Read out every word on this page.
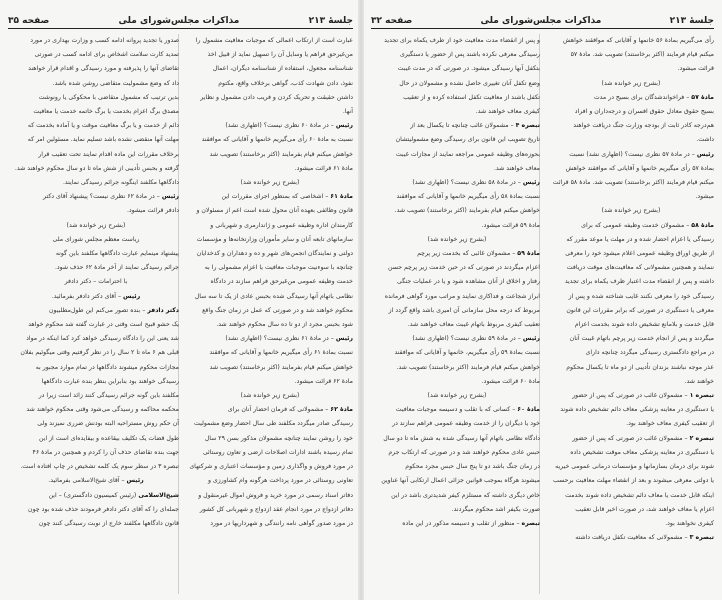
جلسهٔ ۲۱۳
مذاکرات مجلس‌شورای ملی
صفحه ۳۵

عبارت است از ارتکاب اعمالی که موجبات معافیت مشمول را

من‌غیرحق فراهم یا وسایل آن را تسهیل نماید از قبیل اخذ

شناسنامه مجعول، استفاده از شناسنامه دیگران، اعمال

نفوذ، دادن شهادت کذب، گواهی برخلاف واقع، مکتوم

داشتن حقیقت و تحریک کردن و فریب دادن مشمول و نظایر

آنها.

رئیس – در مادهٔ ۶۰ نظری نیست؟ (اظهاری نشد)

نسبت به مادهٔ ۶۰ رأی می‌گیریم خانمها و آقایانی که موافقند

خواهش میکنم قیام بفرمایند (اکثر برخاستند) تصویب شد

مادهٔ ۶۱ قرائت میشود.

(بشرح زیر خوانده شد)

مادهٔ ۶۱ – اشخاصی که بمنظور اجرای مقررات این

قانون وظائفی بعهده آنان محول شده است اعم از مسئولان و

کارمندان اداره وظیفه عمومی و ژاندارمری و شهربانی و

سازمانهای تابعه آنان و سایر مأموران وزارتخانه‌ها و مؤسسات

دولتی و نمایندگان انجمن‌های شهر و ده و دهداران و کدخدایان

چنانچه با سوءنیت موجبات معافیت یا اعزام مشمولی را به

خدمت وظیفه عمومی من‌غیرحق فراهم سازند در دادگاه

نظامی باتهام آنها رسیدگی شده بحبس عادی از یک تا سه سال

محکوم خواهند شد و در صورتی که عمل در زمان جنگ واقع

شود بحبس مجرد از دو تا ده سال محکوم خواهند شد.

رئیس – در مادهٔ ۶۱ نظری نیست؟ (اظهاری نشد)

نسبت بمادهٔ ۶۱ رأی میگیریم خانمها و آقایانی که موافقند

خواهش میکنم قیام بفرمایند (اکثر برخاستند) تصویب شد

مادهٔ ۶۲ قرائت میشود.

(بشرح زیر خوانده شد)

مادهٔ ۶۲ – مشمولانی که فرمان احضار آنان برای

رسیدگی صادر میگردد مکلفند طی سال احضار وضع مشمولیت

خود را روشن نمایند چنانچه مشمولان مذکور بسن ۲۹ سال

تمام رسیده باشند ادارات اصلاحات ارضی و تعاون روستائی

در مورد فروش و واگذاری زمین و مؤسسات اعتباری و شرکتهای

تعاونی روستائی در مورد پرداخت هرگونه وام کشاورزی و

دفاتر اسناد رسمی در مورد خرید و فروش اموال غیرمنقول و

دفاتر ازدواج در مورد انجام عقد ازدواج و شهربانی کل کشور

در مورد صدور گواهی نامه رانندگی و شهرداریها در مورد

صدور یا تجدید پروانه ادامه کسب و وزارت بهداری در مورد

تمدید کارت سلامت اشخاص برای ادامه کسب در صورتی

تقاضای آنها را پذیرفته و مورد رسیدگی و اقدام قرار خواهند

داد که وضع مشمولیت متقاضی روشن شده باشد.

بدین ترتیب که مشمول متقاضی با محکوکی یا رونوشت

مصدق برگ اعزام بخدمت یا برگ خاتمه خدمت یا معافیت

دائم از خدمت و یا برگ معافیت موقت و یا آماده بخدمت که

مهلت آنها منقضی نشده باشد تسلیم نماید. مسئولین امر که

برخلاف مقررات این ماده اقدام نمایند تحت تعقیب قرار

گرفته و بحبس تأدیبی از شش ماه تا دو سال محکوم خواهند شد.

دادگاهها مکلفند اینگونه جرائم رسیدگی نمایند.

رئیس – در مادهٔ ۶۲ نظری نیست؟ پیشنهاد آقای دکتر

دادفر قرائت میشود.

(بشرح زیر خوانده شد)

ریاست معظم مجلس شورای ملی

پیشنهاد مینمایم عبارت دادگاهها مکلفند باین گونه

جرائم رسیدگی نمایند از آخر مادهٔ ۶۲ حذف شود.

با احترامات – دکتر دادفر

رئیس – آقای دکتر دادفر بفرمائید.

دکتر دادفر – بنده تصور می‌کنم این طول‌مطلبیون

یک حشو قبیح است وقتی در عبارت گفته شد محکوم خواهد

شد یعنی این را دادگاه رسیدگی خواهد کرد کما اینکه در مواد

قبلی هم ۶ ماه تا ۲ سال را در نظر گرفتیم وقتی میگوئیم بفلان

مجازات محکوم میشوند دادگاهها در تمام موارد مجبور به

رسیدگی خواهند بود بنابراین بنظر بنده عبارت دادگاهها

مکلفند باین گونه جرائم رسیدگی کنند زائد است زیرا در

محکمه محاکمه و رسیدگی می‌شود وقتی محکوم خواهند شد

آن حکم روش مستراحیه البته بودنش ضرری نمیزند ولی

طول قضات یک تکلیف بیقاعده و بیفایده‌ای است از این

جهت بنده تقاضای حذف آن را کردم و همچنین در مادهٔ ۴۶

تبصره ۳ در سطر سوم یک کلمه تشخیص در چاپ افتاده است.

رئیس – آقای شیخ‌الاسلامی بفرمائید.

شیخ‌الاسلامی (رئیس کمیسیون دادگستری) – این

جمله‌ای را که آقای دکتر دادفر فرمودند حذف شده بود چون

قانون دادگاهها مکلفند خارج از نوبت رسیدگی کنند چون

جلسهٔ ۲۱۳
مذاکرات مجلس‌شورای ملی
صفحه ۳۲

رأی می‌گیریم بمادهٔ ۵۶ خانمها و آقایانی که موافقند خواهش

میکنم قیام فرمایند (اکثر برخاستند) تصویب شد. مادهٔ ۵۷

قرائت میشود.

(بشرح زیر خوانده شد)

مادهٔ ۵۷ – فراخواندشدگان برای بسیج در مدت

بسیج حقوق معادل حقوق افسران و درجه‌داران و افراد

هم‌درجه کادر ثابت از بودجه وزارت جنگ دریافت خواهند

داشت.

رئیس – در مادهٔ ۵۷ نظری نیست؟ (اظهاری نشد) نسبت

بمادهٔ ۵۷ رأی میگیریم خانمها و آقایانی که موافقند خواهش

میکنم قیام فرمایند (اکثر برخاستند) تصویب شد. مادهٔ ۵۸ قرائت

میشود.

(بشرح زیر خوانده شد)

مادهٔ ۵۸ – مشمولان خدمت وظیفه عمومی که برای

رسیدگی یا اعزام احضار شده و در مهلت یا موعد مقرر که

از طریق اوراق وظیفه عمومی اعلام میشود خود را معرفی

ننمایند و همچنین مشمولانی که معافیت‌های موقت دریافت

داشته و پس از انقضاء مدت اعتبار ظرف یکماه برای تجدید

رسیدگی خود را معرفی نکنند غایب شناخته شده و پس از

معرفی یا دستگیری در صورتی که برابر مقررات این قانون

قابل خدمت و بلامانع تشخیص داده شوند بخدمت اعزام

میگردند و پس از انجام خدمت زیر پرچم باتهام غیبت آنان

در مراجع دادگستری رسیدگی میگردد چنانچه دارای

عذر موجه نباشند بزندان تأدیبی از دو ماه تا یکسال محکوم

خواهند شد.

تبصره ۱ – مشمولان غائب در صورتی که پس از حضور

یا دستگیری در معاینه پزشکی معاف دائم تشخیص داده شوند

از تعقیب کیفری معاف خواهند بود.

تبصره ۲ – مشمولان غائب در صورتی که پس از حضور

یا دستگیری در معاینه پزشکی معاف موقت تشخیص داده

شوند برای درمان بسازمانها و مؤسسات درمانی عمومی خیریه

یا دولتی معرفی میشوند و بعد از انقضاء مهلت معافیت برحسب

اینکه قابل خدمت یا معاف دائم تشخیص داده شوند بخدمت

اعزام یا معاف خواهند شد، در صورت اخیر قابل تعقیب

کیفری نخواهند بود.

تبصره ۳ – مشمولانی که معافیت تکفل دریافت داشته

و پس از انقضاء مدت معافیت خود از طرف یکماه برای تجدید

رسیدگی معرفی نکرده باشند پس از حضور یا دستگیری

بتکفل آنها رسیدگی میشود. در صورتی که در مدت غیبت

وضع تکفل آنان تغییری حاصل نشده و مشمولان در حال

تکفل باشند از معافیت تکفل استفاده کرده و از تعقیب

کیفری معاف خواهند شد.

تبصره ۴ – مشمولان غائب چنانچه تا یکسال بعد از

تاریخ تصویب این قانون برای رسیدگی وضع مشمولیتشان

بحوزه‌های وظیفه عمومی مراجعه نمایند از مجازات غیبت

معاف خواهند شد.

رئیس – در مادهٔ ۵۸ نظری نیست؟ (اظهاری نشد)

نسبت بمادهٔ ۵۸ رأی میگیریم خانمها و آقایانی که موافقند

خواهش میکنم قیام بفرمایند (اکثر برخاستند) تصویب شد.

مادهٔ ۵۹ قرائت میشود.

(بشرح زیر خوانده شد)

مادهٔ ۵۹ – مشمولان غائبی که بخدمت زیر پرچم

اعزام میگردند در صورتی که در حین خدمت زیر پرچم حسن

رفتار و اخلاق از آنان مشاهده شود و یا در عملیات جنگی

ابراز شجاعت و فداکاری نمایند و مراتب مورد گواهی فرمانده

مربوط که درجه محل سازمانی آن امیری باشد واقع گردد از

تعقیب کیفری مربوط باتهام غیبت معاف خواهند شد.

رئیس – در مادهٔ ۵۹ نظری نیست؟ (اظهاری نشد)

نسبت بمادهٔ ۵۹ رأی میگیریم، خانمها و آقایانی که موافقند

خواهش میکنم قیام فرمایند (اکثر برخاستند) تصویب شد.

مادهٔ ۶۰ قرائت میشود.

(بشرح زیر خوانده شد)

مادهٔ ۶۰ – کسانی که با تقلب و دسیسه موجبات معافیت

خود یا دیگران را از خدمت وظیفه عمومی فراهم سازند در

دادگاه نظامی باتهام آنها رسیدگی شده به شش ماه تا دو سال

حبس عادی محکوم خواهند شد و در صورتی که ارتکاب جرم

در زمان جنگ باشد دو تا پنج سال حبس مجرد محکوم

میشوند هرگاه بموجب قوانین جزائی اعمال ارتکابی آنها عناوین

خاص دیگری داشته که مستلزم کیفر شدیدتری باشد در این

صورت بکیفر اشد محکوم میگردند.

تبصره – منظور از تقلب و دسیسه مذکور در این ماده
